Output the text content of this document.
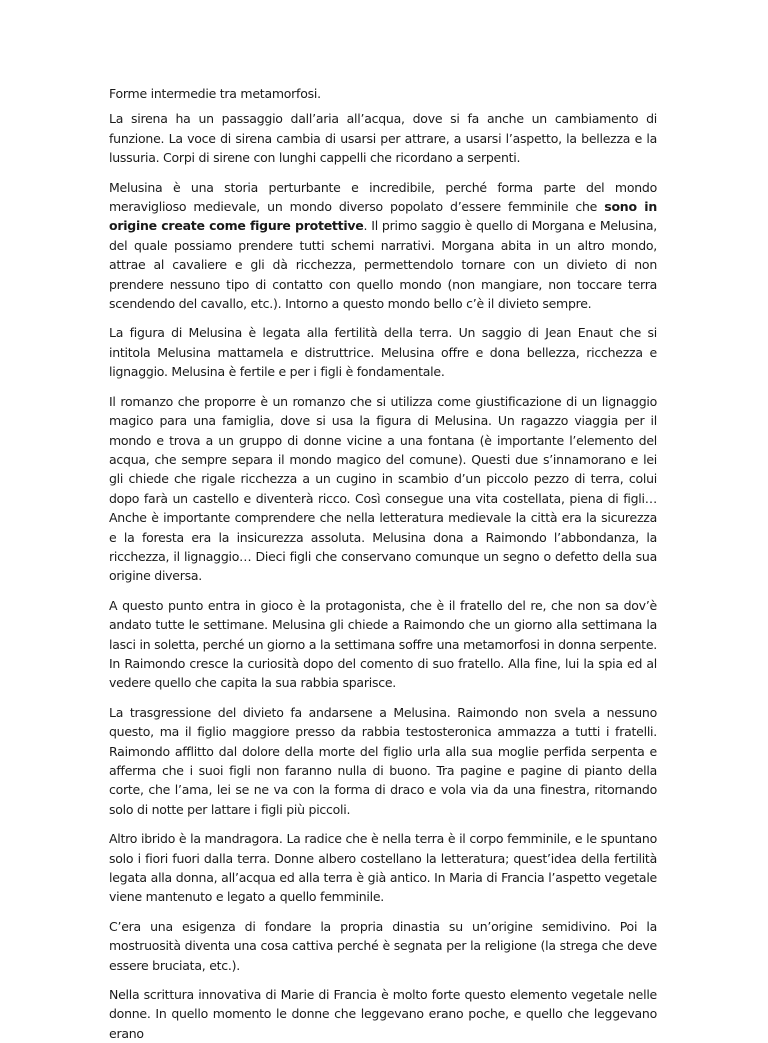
Forme intermedie tra metamorfosi.

La sirena ha un passaggio dall’aria all’acqua, dove si fa anche un cambiamento di funzione. La voce di sirena cambia di usarsi per attrare, a usarsi l’aspetto, la bellezza e la lussuria. Corpi di sirene con lunghi cappelli che ricordano a serpenti.

Melusina è una storia perturbante e incredibile, perché forma parte del mondo meraviglioso medievale, un mondo diverso popolato d’essere femminile che sono in origine create come figure protettive. Il primo saggio è quello di Morgana e Melusina, del quale possiamo prendere tutti schemi narrativi. Morgana abita in un altro mondo, attrae al cavaliere e gli dà ricchezza, permettendolo tornare con un divieto di non prendere nessuno tipo di contatto con quello mondo (non mangiare, non toccare terra scendendo del cavallo, etc.). Intorno a questo mondo bello c’è il divieto sempre.

La figura di Melusina è legata alla fertilità della terra. Un saggio di Jean Enaut che si intitola Melusina mattamela e distruttrice. Melusina offre e dona bellezza, ricchezza e lignaggio. Melusina è fertile e per i figli è fondamentale.

Il romanzo che proporre è un romanzo che si utilizza come giustificazione di un lignaggio magico para una famiglia, dove si usa la figura di Melusina. Un ragazzo viaggia per il mondo e trova a un gruppo di donne vicine a una fontana (è importante l’elemento del acqua, che sempre separa il mondo magico del comune). Questi due s’innamorano e lei gli chiede che rigale ricchezza a un cugino in scambio d’un piccolo pezzo di terra, colui dopo farà un castello e diventerà ricco. Così consegue una vita costellata, piena di figli… Anche è importante comprendere che nella letteratura medievale la città era la sicurezza e la foresta era la insicurezza assoluta. Melusina dona a Raimondo l’abbondanza, la ricchezza, il lignaggio… Dieci figli che conservano comunque un segno o defetto della sua origine diversa.

A questo punto entra in gioco è la protagonista, che è il fratello del re, che non sa dov’è andato tutte le settimane. Melusina gli chiede a Raimondo che un giorno alla settimana la lasci in soletta, perché un giorno a la settimana soffre una metamorfosi in donna serpente. In Raimondo cresce la curiosità dopo del comento di suo fratello. Alla fine, lui la spia ed al vedere quello che capita la sua rabbia sparisce.

La trasgressione del divieto fa andarsene a Melusina. Raimondo non svela a nessuno questo, ma il figlio maggiore presso da rabbia testosteronica ammazza a tutti i fratelli. Raimondo afflitto dal dolore della morte del figlio urla alla sua moglie perfida serpenta e afferma che i suoi figli non faranno nulla di buono. Tra pagine e pagine di pianto della corte, che l’ama, lei se ne va con la forma di draco e vola via da una finestra, ritornando solo di notte per lattare i figli più piccoli.

Altro ibrido è la mandragora. La radice che è nella terra è il corpo femminile, e le spuntano solo i fiori fuori dalla terra. Donne albero costellano la letteratura; quest’idea della fertilità legata alla donna, all’acqua ed alla terra è già antico. In Maria di Francia l’aspetto vegetale viene mantenuto e legato a quello femminile.

C’era una esigenza di fondare la propria dinastia su un’origine semidivino. Poi la mostruosità diventa una cosa cattiva perché è segnata per la religione (la strega che deve essere bruciata, etc.).

Nella scrittura innovativa di Marie di Francia è molto forte questo elemento vegetale nelle donne. In quello momento le donne che leggevano erano poche, e quello che leggevano erano
